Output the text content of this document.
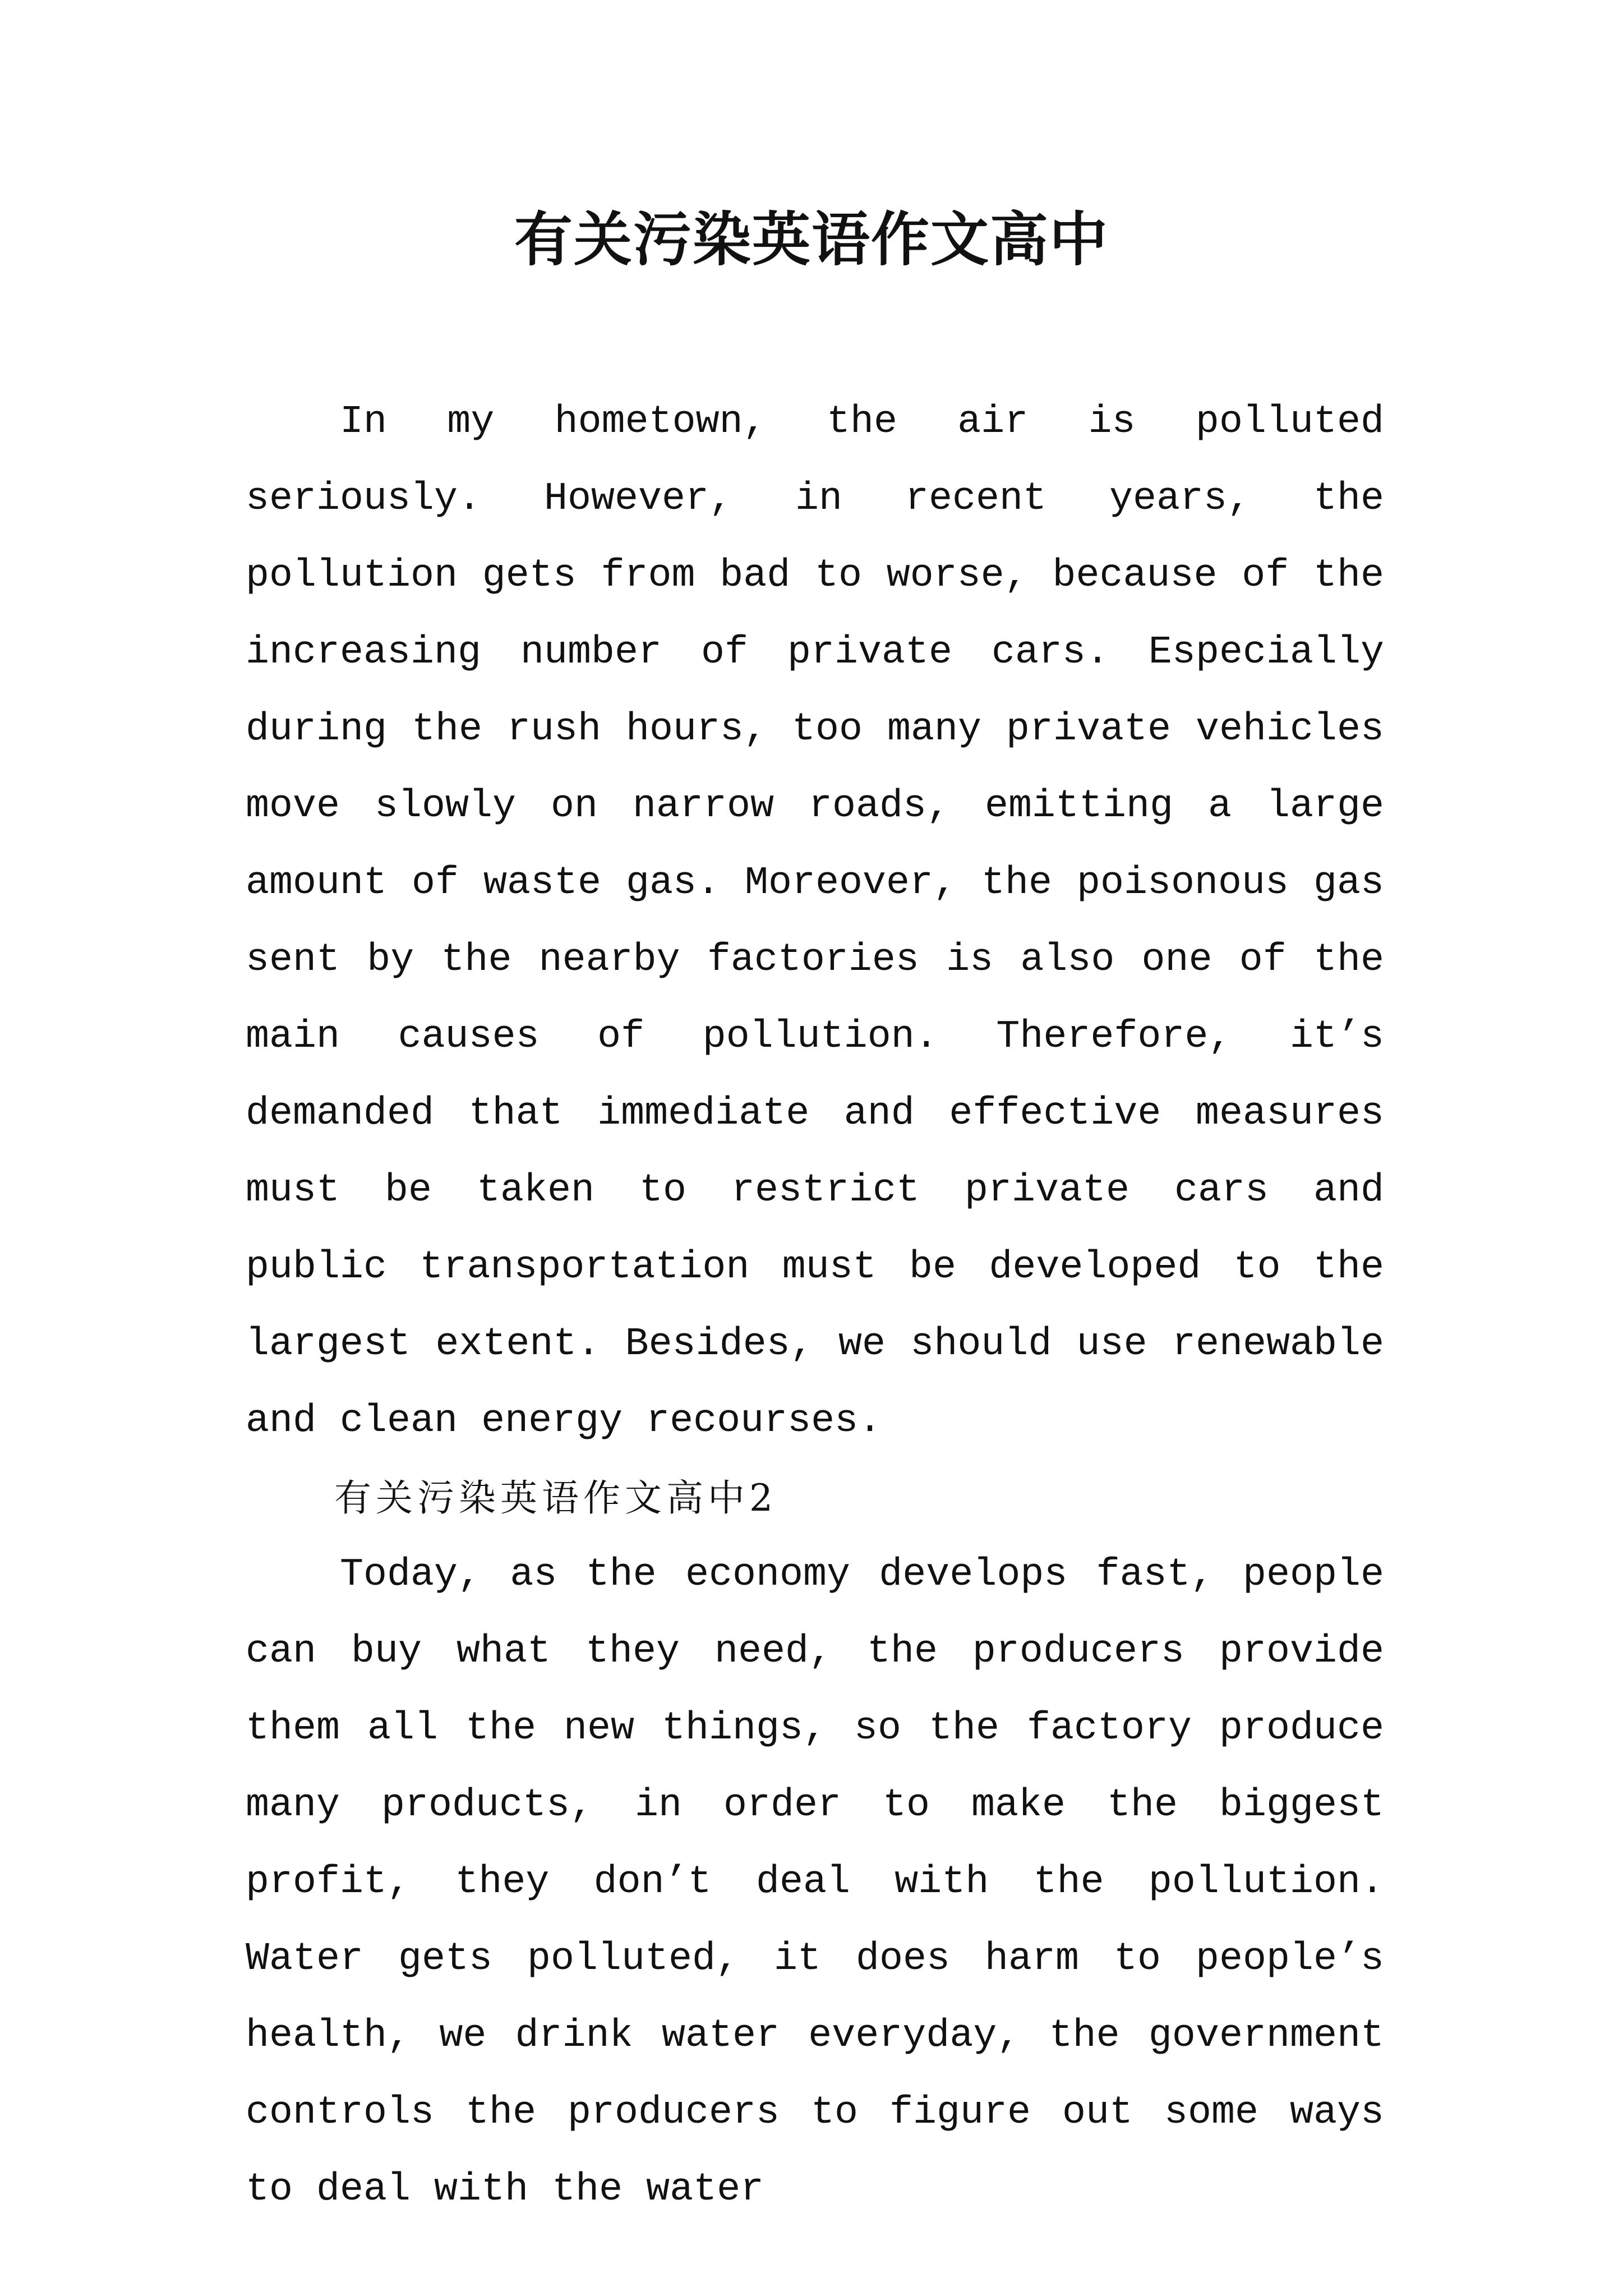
有关污染英语作文高中

In my hometown, the air is polluted seriously. However, in recent years, the pollution gets from bad to worse, because of the increasing number of private cars. Especially during the rush hours, too many private vehicles move slowly on narrow roads, emitting a large amount of waste gas. Moreover, the poisonous gas sent by the nearby factories is also one of the main causes of pollution. Therefore, it’s demanded that immediate and effective measures must be taken to restrict private cars and public transportation must be developed to the largest extent. Besides, we should use renewable and clean energy recourses.

有关污染英语作文高中2

Today, as the economy develops fast, people can buy what they need, the producers provide them all the new things, so the factory produce many products, in order to make the biggest profit, they don’t deal with the pollution. Water gets polluted, it does harm to people’s health, we drink water everyday, the government controls the producers to figure out some ways to deal with the water
